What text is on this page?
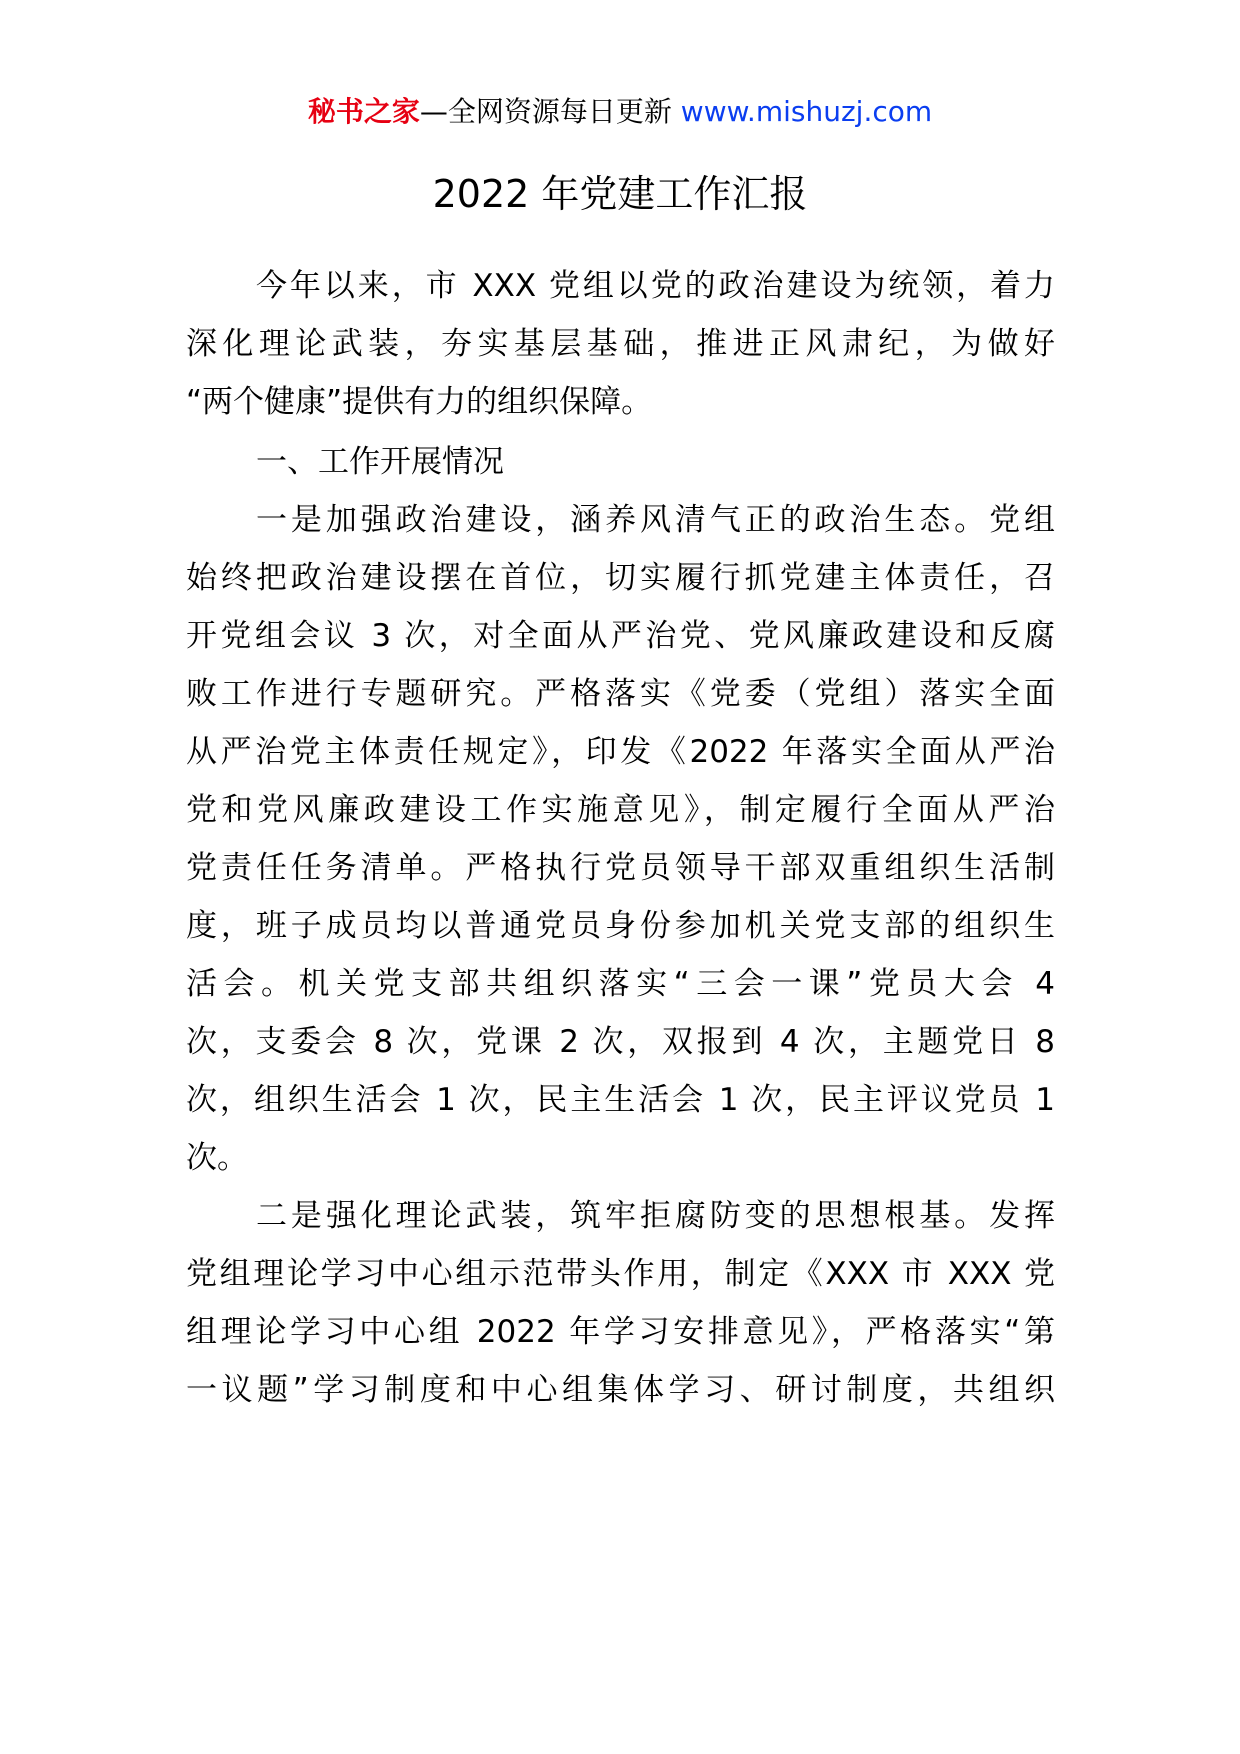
秘书之家—全网资源每日更新 www.mishuzj.com
2022 年党建工作汇报
今年以来，市 XXX 党组以党的政治建设为统领，着力
深化理论武装，夯实基层基础，推进正风肃纪，为做好
“两个健康”提供有力的组织保障。
一、工作开展情况
一是加强政治建设，涵养风清气正的政治生态。党组
始终把政治建设摆在首位，切实履行抓党建主体责任，召
开党组会议 3 次，对全面从严治党、党风廉政建设和反腐
败工作进行专题研究。严格落实《党委（党组）落实全面
从严治党主体责任规定》，印发《2022 年落实全面从严治
党和党风廉政建设工作实施意见》，制定履行全面从严治
党责任任务清单。严格执行党员领导干部双重组织生活制
度，班子成员均以普通党员身份参加机关党支部的组织生
活会。机关党支部共组织落实“三会一课”党员大会 4
次，支委会 8 次，党课 2 次，双报到 4 次，主题党日 8
次，组织生活会 1 次，民主生活会 1 次，民主评议党员 1
次。
二是强化理论武装，筑牢拒腐防变的思想根基。发挥
党组理论学习中心组示范带头作用，制定《XXX 市 XXX 党
组理论学习中心组 2022 年学习安排意见》，严格落实“第
一议题”学习制度和中心组集体学习、研讨制度，共组织
